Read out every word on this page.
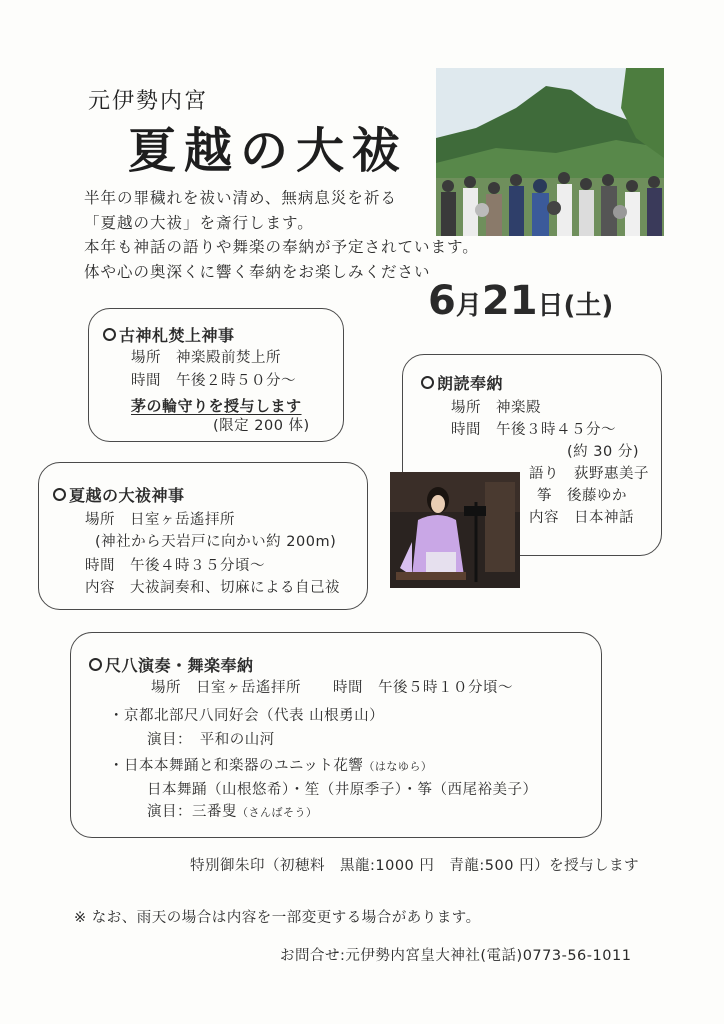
元伊勢内宮
夏越の大祓
半年の罪穢れを祓い清め、無病息災を祈る
「夏越の大祓」を斎行します。
本年も神話の語りや舞楽の奉納が予定されています。
体や心の奥深くに響く奉納をお楽しみください
6月21日(土)
朗読奉納
場所　神楽殿
時間　午後３時４５分～
(約 30 分)
語り　荻野惠美子
筝　後藤ゆか
内容　日本神話
古神札焚上神事
場所　神楽殿前焚上所
時間　午後２時５０分～
茅の輪守りを授与します
(限定 200 体)
夏越の大祓神事
場所　日室ヶ岳遙拝所
(神社から天岩戸に向かい約 200m)
時間　午後４時３５分頃～
内容　大祓詞奏和、切麻による自己祓
尺八演奏・舞楽奉納
場所　日室ヶ岳遙拝所 時間　午後５時１０分頃～
・京都北部尺八同好会（代表 山根勇山）
演目：　平和の山河
・日本本舞踊と和楽器のユニット花響（はなゆら）
日本舞踊（山根悠希）・笙（井原季子）・筝（西尾裕美子）
演目：三番叟（さんばそう）
特別御朱印（初穂料　黒龍:1000 円　青龍:500 円）を授与します
※ なお、雨天の場合は内容を一部変更する場合があります。
お問合せ:元伊勢内宮皇大神社(電話)0773-56-1011
